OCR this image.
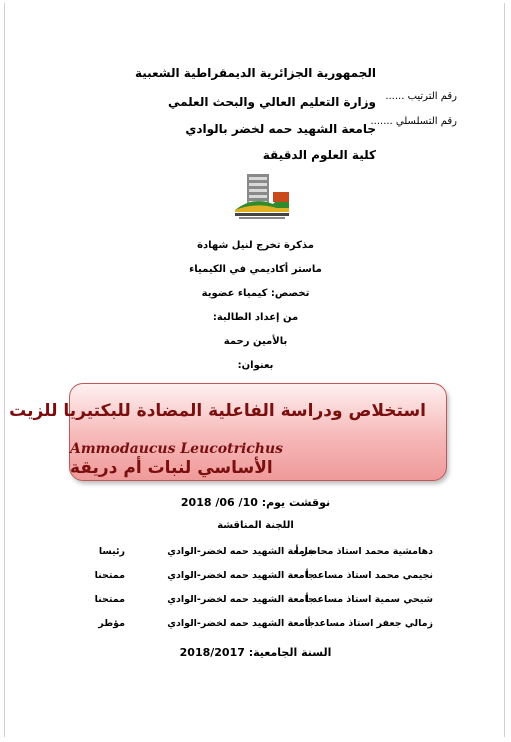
الجمهورية الجزائرية الديمقراطية الشعبية
وزارة التعليم العالي والبحث العلمي
جامعة الشهيد حمه لخضر بالوادي
كلية العلوم الدقيقة
رقم الترتيب ......
رقم التسلسلي .......
مذكرة تخرج لنيل شهادة
ماستر أكاديمي في الكيمياء
تخصص: كيمياء عضوية
من إعداد الطالبة:
بالأمين رحمة
بعنوان:
استخلاص ودراسة الفاعلية المضادة للبكتيريا للزيت
Ammodaucus Leucotrichus الأساسي لنبات أم دريقة
نوقشت يوم: 10/ 06/ 2018
اللجنة المناقشة
دهامشية محمد استاذ محاضر أ
جامعة الشهيد حمه لخضر-الوادي
رئيسا
نجيمي محمد استاذ مساعد أ
جامعة الشهيد حمه لخضر-الوادي
ممتحنا
شيحي سمية استاذ مساعد أ
جامعة الشهيد حمه لخضر-الوادي
ممتحنا
زمالي جعفر استاذ مساعد أ
جامعة الشهيد حمه لخضر-الوادي
مؤطر
السنة الجامعية: 2018/2017
